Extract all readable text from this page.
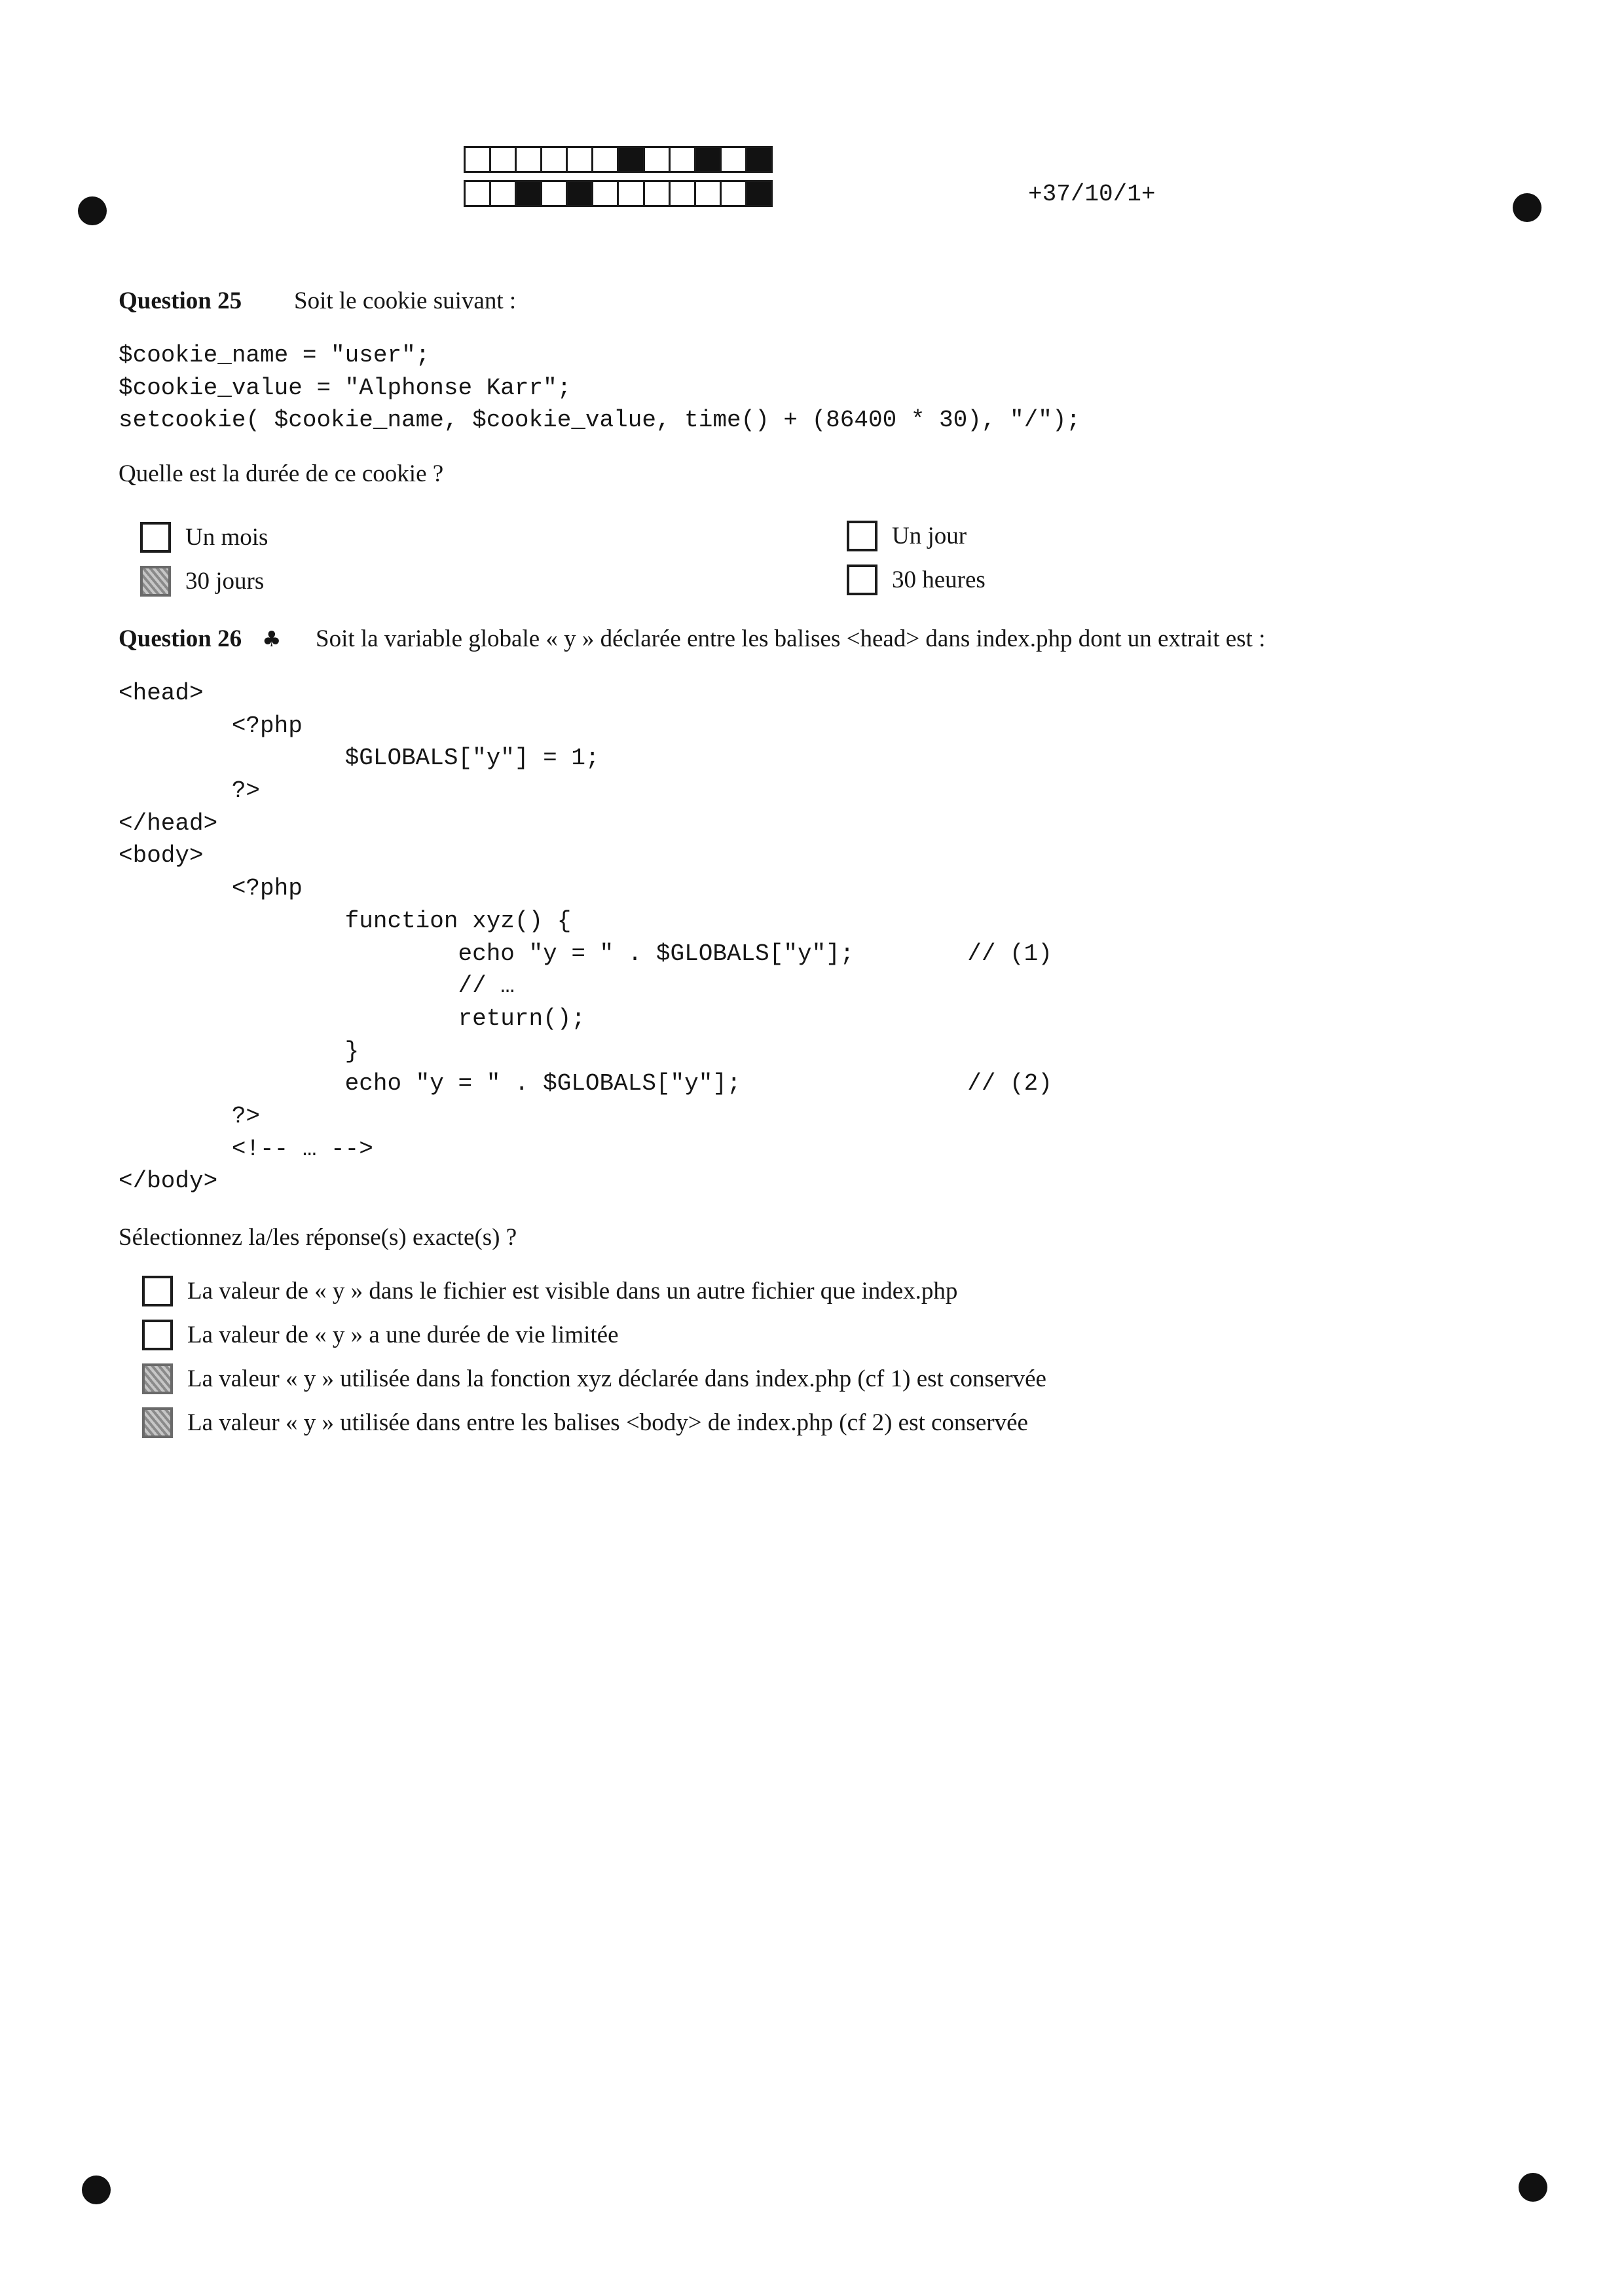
+37/10/1+
Question 25 Soit le cookie suivant :
$cookie_name = "user";
$cookie_value = "Alphonse Karr";
setcookie( $cookie_name, $cookie_value, time() + (86400 * 30), "/");
Quelle est la durée de ce cookie ?
Un mois	Un jour
30 jours	30 heures
Question 26 ♣ Soit la variable globale « y » déclarée entre les balises <head> dans index.php dont un extrait est :
<head>
<?php
$GLOBALS["y"] = 1;
?>
</head>
<body>
<?php
function xyz() {
echo "y = " . $GLOBALS["y"];        // (1)
// …
return();
}
echo "y = " . $GLOBALS["y"];                // (2)
?>
<!-- … -->
</body>
Sélectionnez la/les réponse(s) exacte(s) ?
La valeur de « y » dans le fichier est visible dans un autre fichier que index.php
La valeur de « y » a une durée de vie limitée
La valeur « y » utilisée dans la fonction xyz déclarée dans index.php (cf 1) est conservée
La valeur « y » utilisée dans entre les balises <body> de index.php (cf 2) est conservée
